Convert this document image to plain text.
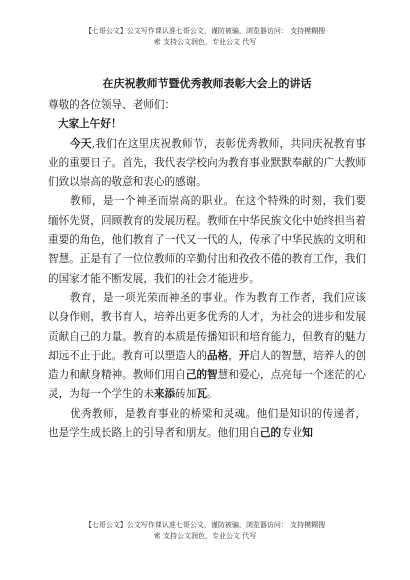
【七哥公文】公文写作课认准七哥公文，谨防被骗，浏览器访问： 支持模糊搜
索 支持公文润色，专业公文 代写
在庆祝教师节暨优秀教师表彰大会上的讲话

尊敬的各位领导、老师们：

大家上午好！

今天,我们在这里庆祝教师节，表彰优秀教师，共同庆祝教育事业的重要日子。首先，我代表学校向为教育事业默默奉献的广大教师们致以崇高的敬意和衷心的感谢。

教师，是一个神圣而崇高的职业。在这个特殊的时刻，我们要缅怀先贤，回顾教育的发展历程。教师在中华民族文化中始终担当着重要的角色，他们教育了一代又一代的人，传承了中华民族的文明和智慧。正是有了一位位教师的辛勤付出和孜孜不倦的教育工作，我们的国家才能不断发展，我们的社会才能进步。

教育，是一项光荣而神圣的事业。作为教育工作者，我们应该以身作则，教书育人，培养出更多优秀的人才，为社会的进步和发展贡献自己的力量。教育的本质是传播知识和培育能力，但教育的魅力却远不止于此。教育可以塑造人的品格，开启人的智慧，培养人的创造力和献身精神。教师们用自己的智慧和爱心，点亮每一个迷茫的心灵，为每一个学生的未来添砖加瓦。

优秀教师，是教育事业的桥梁和灵魂。他们是知识的传递者，也是学生成长路上的引导者和朋友。他们用自己的专业知

【七哥公文】公文写作课认准七哥公文，谨防被骗，浏览器访问： 支持模糊搜
索 支持公文润色，专业公文 代写
